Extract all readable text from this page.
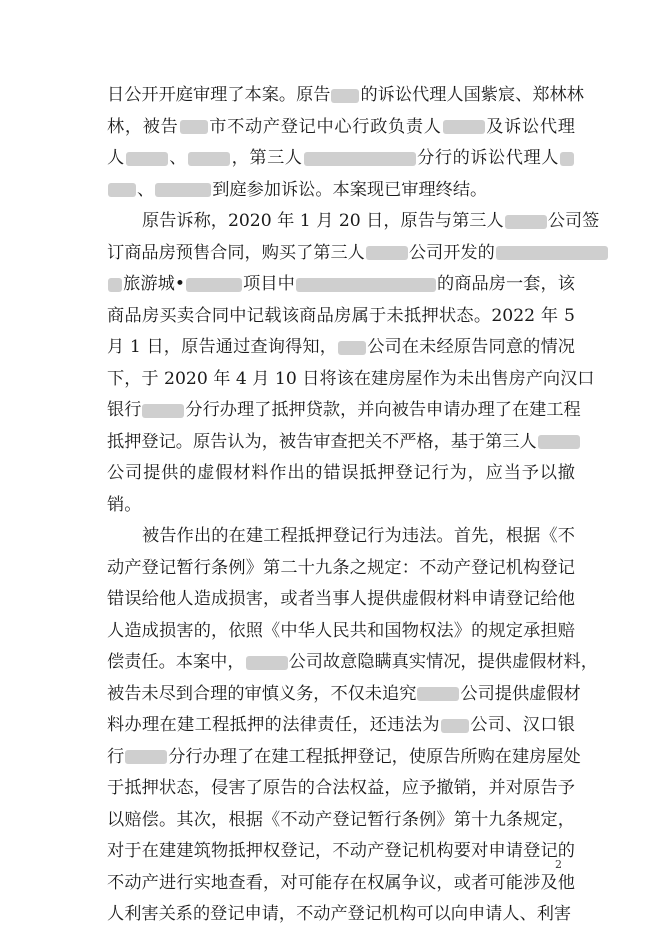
日公开开庭审理了本案。原告 的诉讼代理人国紫宸、郑林林
林，被告 市不动产登记中心行政负责人	及诉讼代理
人	、	，第三人	分行的诉讼代理人
、	到庭参加诉讼。本案现已审理终结。
原告诉称，2020 年 1 月 20 日，原告与第三人	公司签
订商品房预售合同，购买了第三人	公司开发的
旅游城•	项目中	的商品房一套，该
商品房买卖合同中记载该商品房属于未抵押状态。2022 年 5
月 1 日，原告通过查询得知， 公司在未经原告同意的情况
下，于 2020 年 4 月 10 日将该在建房屋作为未出售房产向汉口
银行	分行办理了抵押贷款，并向被告申请办理了在建工程
抵押登记。原告认为，被告审查把关不严格，基于第三人
公司提供的虚假材料作出的错误抵押登记行为，应当予以撤
销。
被告作出的在建工程抵押登记行为违法。首先，根据《不
动产登记暂行条例》第二十九条之规定：不动产登记机构登记
错误给他人造成损害，或者当事人提供虚假材料申请登记给他
人造成损害的，依照《中华人民共和国物权法》的规定承担赔
偿责任。本案中，	公司故意隐瞒真实情况，提供虚假材料，
被告未尽到合理的审慎义务，不仅未追究	公司提供虚假材
料办理在建工程抵押的法律责任，还违法为 公司、汉口银
行	分行办理了在建工程抵押登记，使原告所购在建房屋处
于抵押状态，侵害了原告的合法权益，应予撤销，并对原告予
以赔偿。其次，根据《不动产登记暂行条例》第十九条规定，
对于在建建筑物抵押权登记，不动产登记机构要对申请登记的
不动产进行实地查看，对可能存在权属争议，或者可能涉及他
人利害关系的登记申请，不动产登记机构可以向申请人、利害
2
